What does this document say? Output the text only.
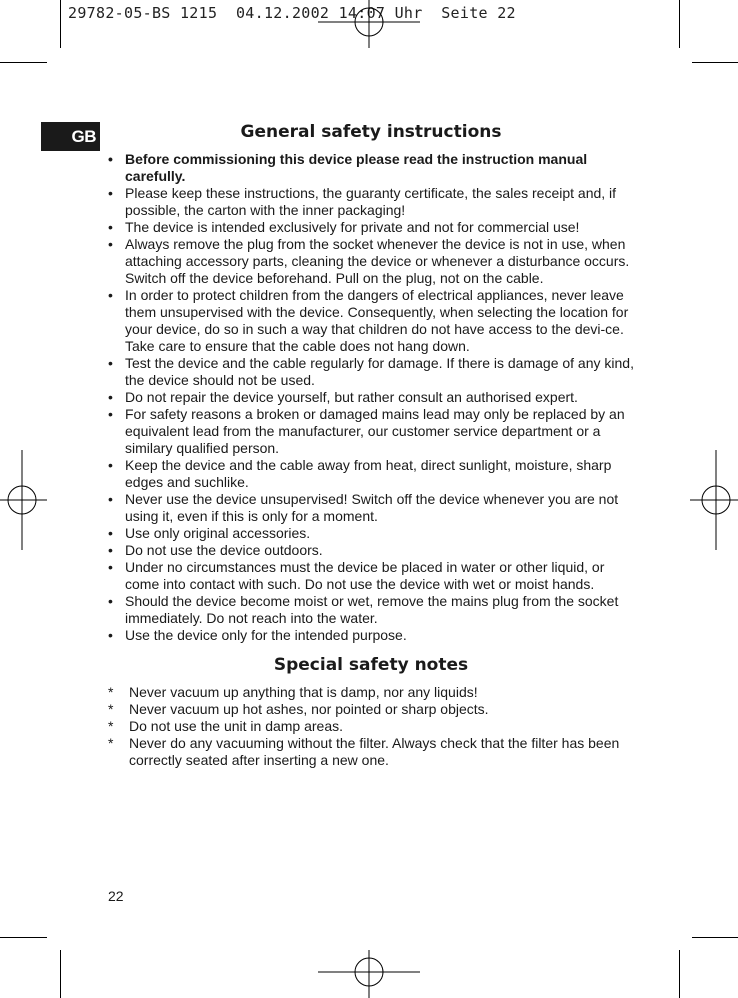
29782-05-BS 1215  04.12.2002 14:07 Uhr  Seite 22

GB	General safety instructions
• Before commissioning this device please read the instruction manual carefully.
• Please keep these instructions, the guaranty certificate, the sales receipt and, if possible, the carton with the inner packaging!
• The device is intended exclusively for private and not for commercial use!
• Always remove the plug from the socket whenever the device is not in use, when attaching accessory parts, cleaning the device or whenever a disturbance occurs. Switch off the device beforehand. Pull on the plug, not on the cable.
• In order to protect children from the dangers of electrical appliances, never leave them unsupervised with the device. Consequently, when selecting the location for your device, do so in such a way that children do not have access to the devi-ce. Take care to ensure that the cable does not hang down.
• Test the device and the cable regularly for damage. If there is damage of any kind, the device should not be used.
• Do not repair the device yourself, but rather consult an authorised expert.
• For safety reasons a broken or damaged mains lead may only be replaced by an equivalent lead from the manufacturer, our customer service department or a similary qualified person.
• Keep the device and the cable away from heat, direct sunlight, moisture, sharp edges and suchlike.
• Never use the device unsupervised! Switch off the device whenever you are not using it, even if this is only for a moment.
• Use only original accessories.
• Do not use the device outdoors.
• Under no circumstances must the device be placed in water or other liquid, or come into contact with such. Do not use the device with wet or moist hands.
• Should the device become moist or wet, remove the mains plug from the socket immediately. Do not reach into the water.
• Use the device only for the intended purpose.
Special safety notes
* Never vacuum up anything that is damp, nor any liquids!
* Never vacuum up hot ashes, nor pointed or sharp objects.
* Do not use the unit in damp areas.
* Never do any vacuuming without the filter. Always check that the filter has been correctly seated after inserting a new one.

22
